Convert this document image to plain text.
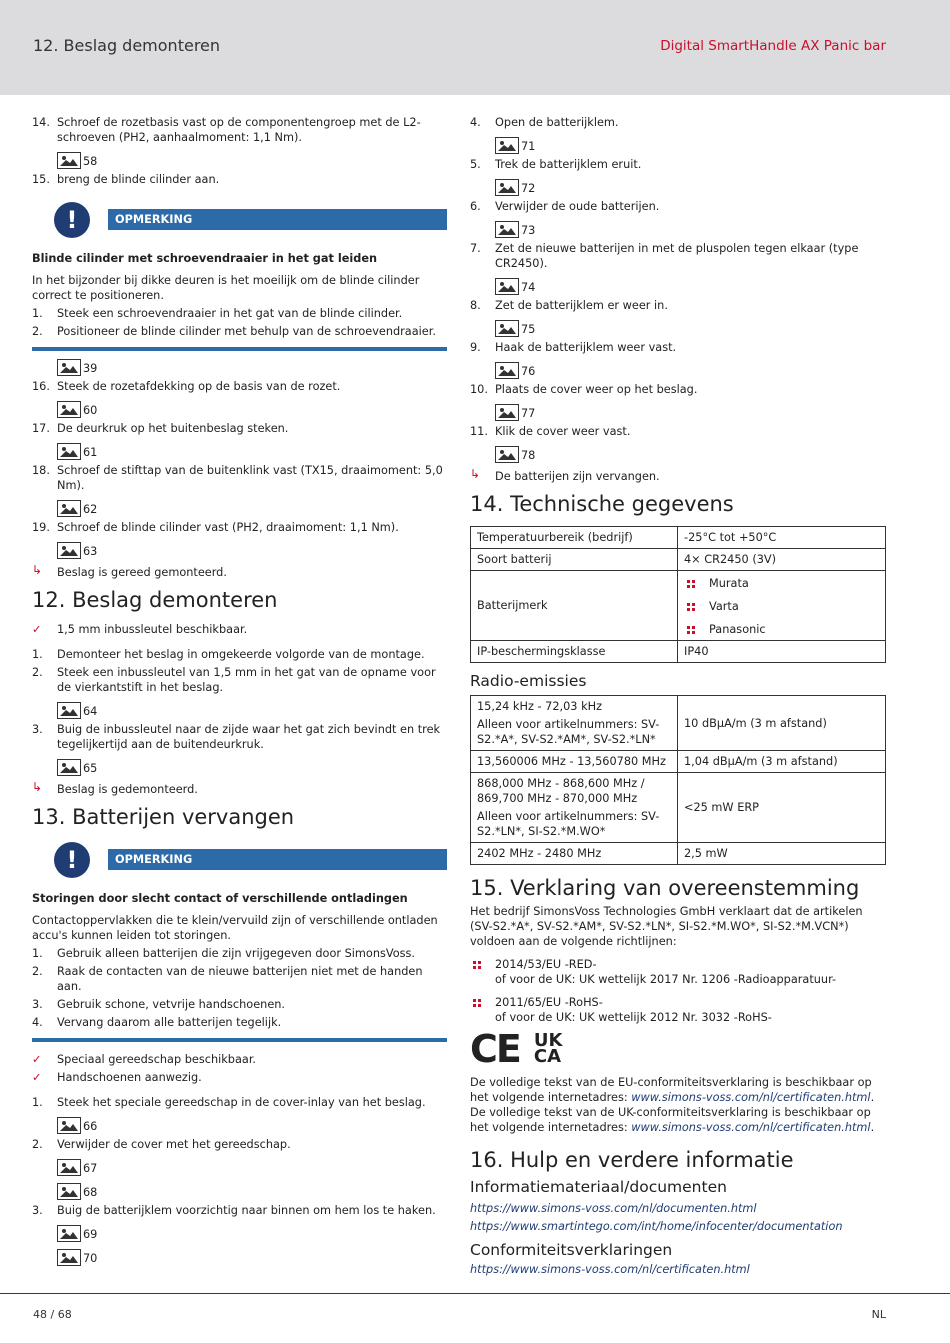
12. Beslag demonteren	Digital SmartHandle AX Panic bar
14. Schroef de rozetbasis vast op de componentengroep met de L2-schroeven (PH2, aanhaalmoment: 1,1 Nm).
58
15. breng de blinde cilinder aan.
!	OPMERKING
Blinde cilinder met schroevendraaier in het gat leiden
In het bijzonder bij dikke deuren is het moeilijk om de blinde cilinder correct te positioneren.
1. Steek een schroevendraaier in het gat van de blinde cilinder.
2. Positioneer de blinde cilinder met behulp van de schroevendraaier.
39
16. Steek de rozetafdekking op de basis van de rozet.
60
17. De deurkruk op het buitenbeslag steken.
61
18. Schroef de stifttap van de buitenklink vast (TX15, draaimoment: 5,0 Nm).
62
19. Schroef de blinde cilinder vast (PH2, draaimoment: 1,1 Nm).
63
↳ Beslag is gereed gemonteerd.
12. Beslag demonteren
✓ 1,5 mm inbussleutel beschikbaar.
1. Demonteer het beslag in omgekeerde volgorde van de montage.
2. Steek een inbussleutel van 1,5 mm in het gat van de opname voor de vierkantstift in het beslag.
64
3. Buig de inbussleutel naar de zijde waar het gat zich bevindt en trek tegelijkertijd aan de buitendeurkruk.
65
↳ Beslag is gedemonteerd.
13. Batterijen vervangen
!	OPMERKING
Storingen door slecht contact of verschillende ontladingen
Contactoppervlakken die te klein/vervuild zijn of verschillende ontladen accu's kunnen leiden tot storingen.
1. Gebruik alleen batterijen die zijn vrijgegeven door SimonsVoss.
2. Raak de contacten van de nieuwe batterijen niet met de handen aan.
3. Gebruik schone, vetvrije handschoenen.
4. Vervang daarom alle batterijen tegelijk.
✓ Speciaal gereedschap beschikbaar.
✓ Handschoenen aanwezig.
1. Steek het speciale gereedschap in de cover-inlay van het beslag.
66
2. Verwijder de cover met het gereedschap.
67
68
3. Buig de batterijklem voorzichtig naar binnen om hem los te haken.
69
70
4. Open de batterijklem.
71
5. Trek de batterijklem eruit.
72
6. Verwijder de oude batterijen.
73
7. Zet de nieuwe batterijen in met de pluspolen tegen elkaar (type CR2450).
74
8. Zet de batterijklem er weer in.
75
9. Haak de batterijklem weer vast.
76
10. Plaats de cover weer op het beslag.
77
11. Klik de cover weer vast.
78
↳ De batterijen zijn vervangen.
14. Technische gegevens
Temperatuurbereik (bedrijf)	-25°C tot +50°C
Soort batterij	4× CR2450 (3V)
Batterijmerk	Murata
Varta
Panasonic

IP-beschermingsklasse	IP40
Radio-emissies
15,24 kHz - 72,03 kHz
Alleen voor artikelnummers: SV-S2.*A*, SV-S2.*AM*, SV-S2.*LN*	10 dBµA/m (3 m afstand)
13,560006 MHz - 13,560780 MHz	1,04 dBµA/m (3 m afstand)

868,000 MHz - 868,600 MHz / 869,700 MHz - 870,000 MHz
Alleen voor artikelnummers: SV-S2.*LN*, SI-S2.*M.WO*	<25 mW ERP
2402 MHz - 2480 MHz	2,5 mW
15. Verklaring van overeenstemming
Het bedrijf SimonsVoss Technologies GmbH verklaart dat de artikelen (SV-S2.*A*, SV-S2.*AM*, SV-S2.*LN*, SI-S2.*M.WO*, SI-S2.*M.VCN*) voldoen aan de volgende richtlijnen:
2014/53/EU -RED-
of voor de UK: UK wettelijk 2017 Nr. 1206 -Radioapparatuur-
2011/65/EU -RoHS-
of voor de UK: UK wettelijk 2012 Nr. 3032 -RoHS-
CE UK
CA
De volledige tekst van de EU-conformiteitsverklaring is beschikbaar op het volgende internetadres: www.simons-voss.com/nl/certificaten.html.
De volledige tekst van de UK-conformiteitsverklaring is beschikbaar op het volgende internetadres: www.simons-voss.com/nl/certificaten.html.
16. Hulp en verdere informatie
Informatiemateriaal/documenten
https://www.simons-voss.com/nl/documenten.html
https://www.smartintego.com/int/home/infocenter/documentation
Conformiteitsverklaringen
https://www.simons-voss.com/nl/certificaten.html
48 / 68	NL
